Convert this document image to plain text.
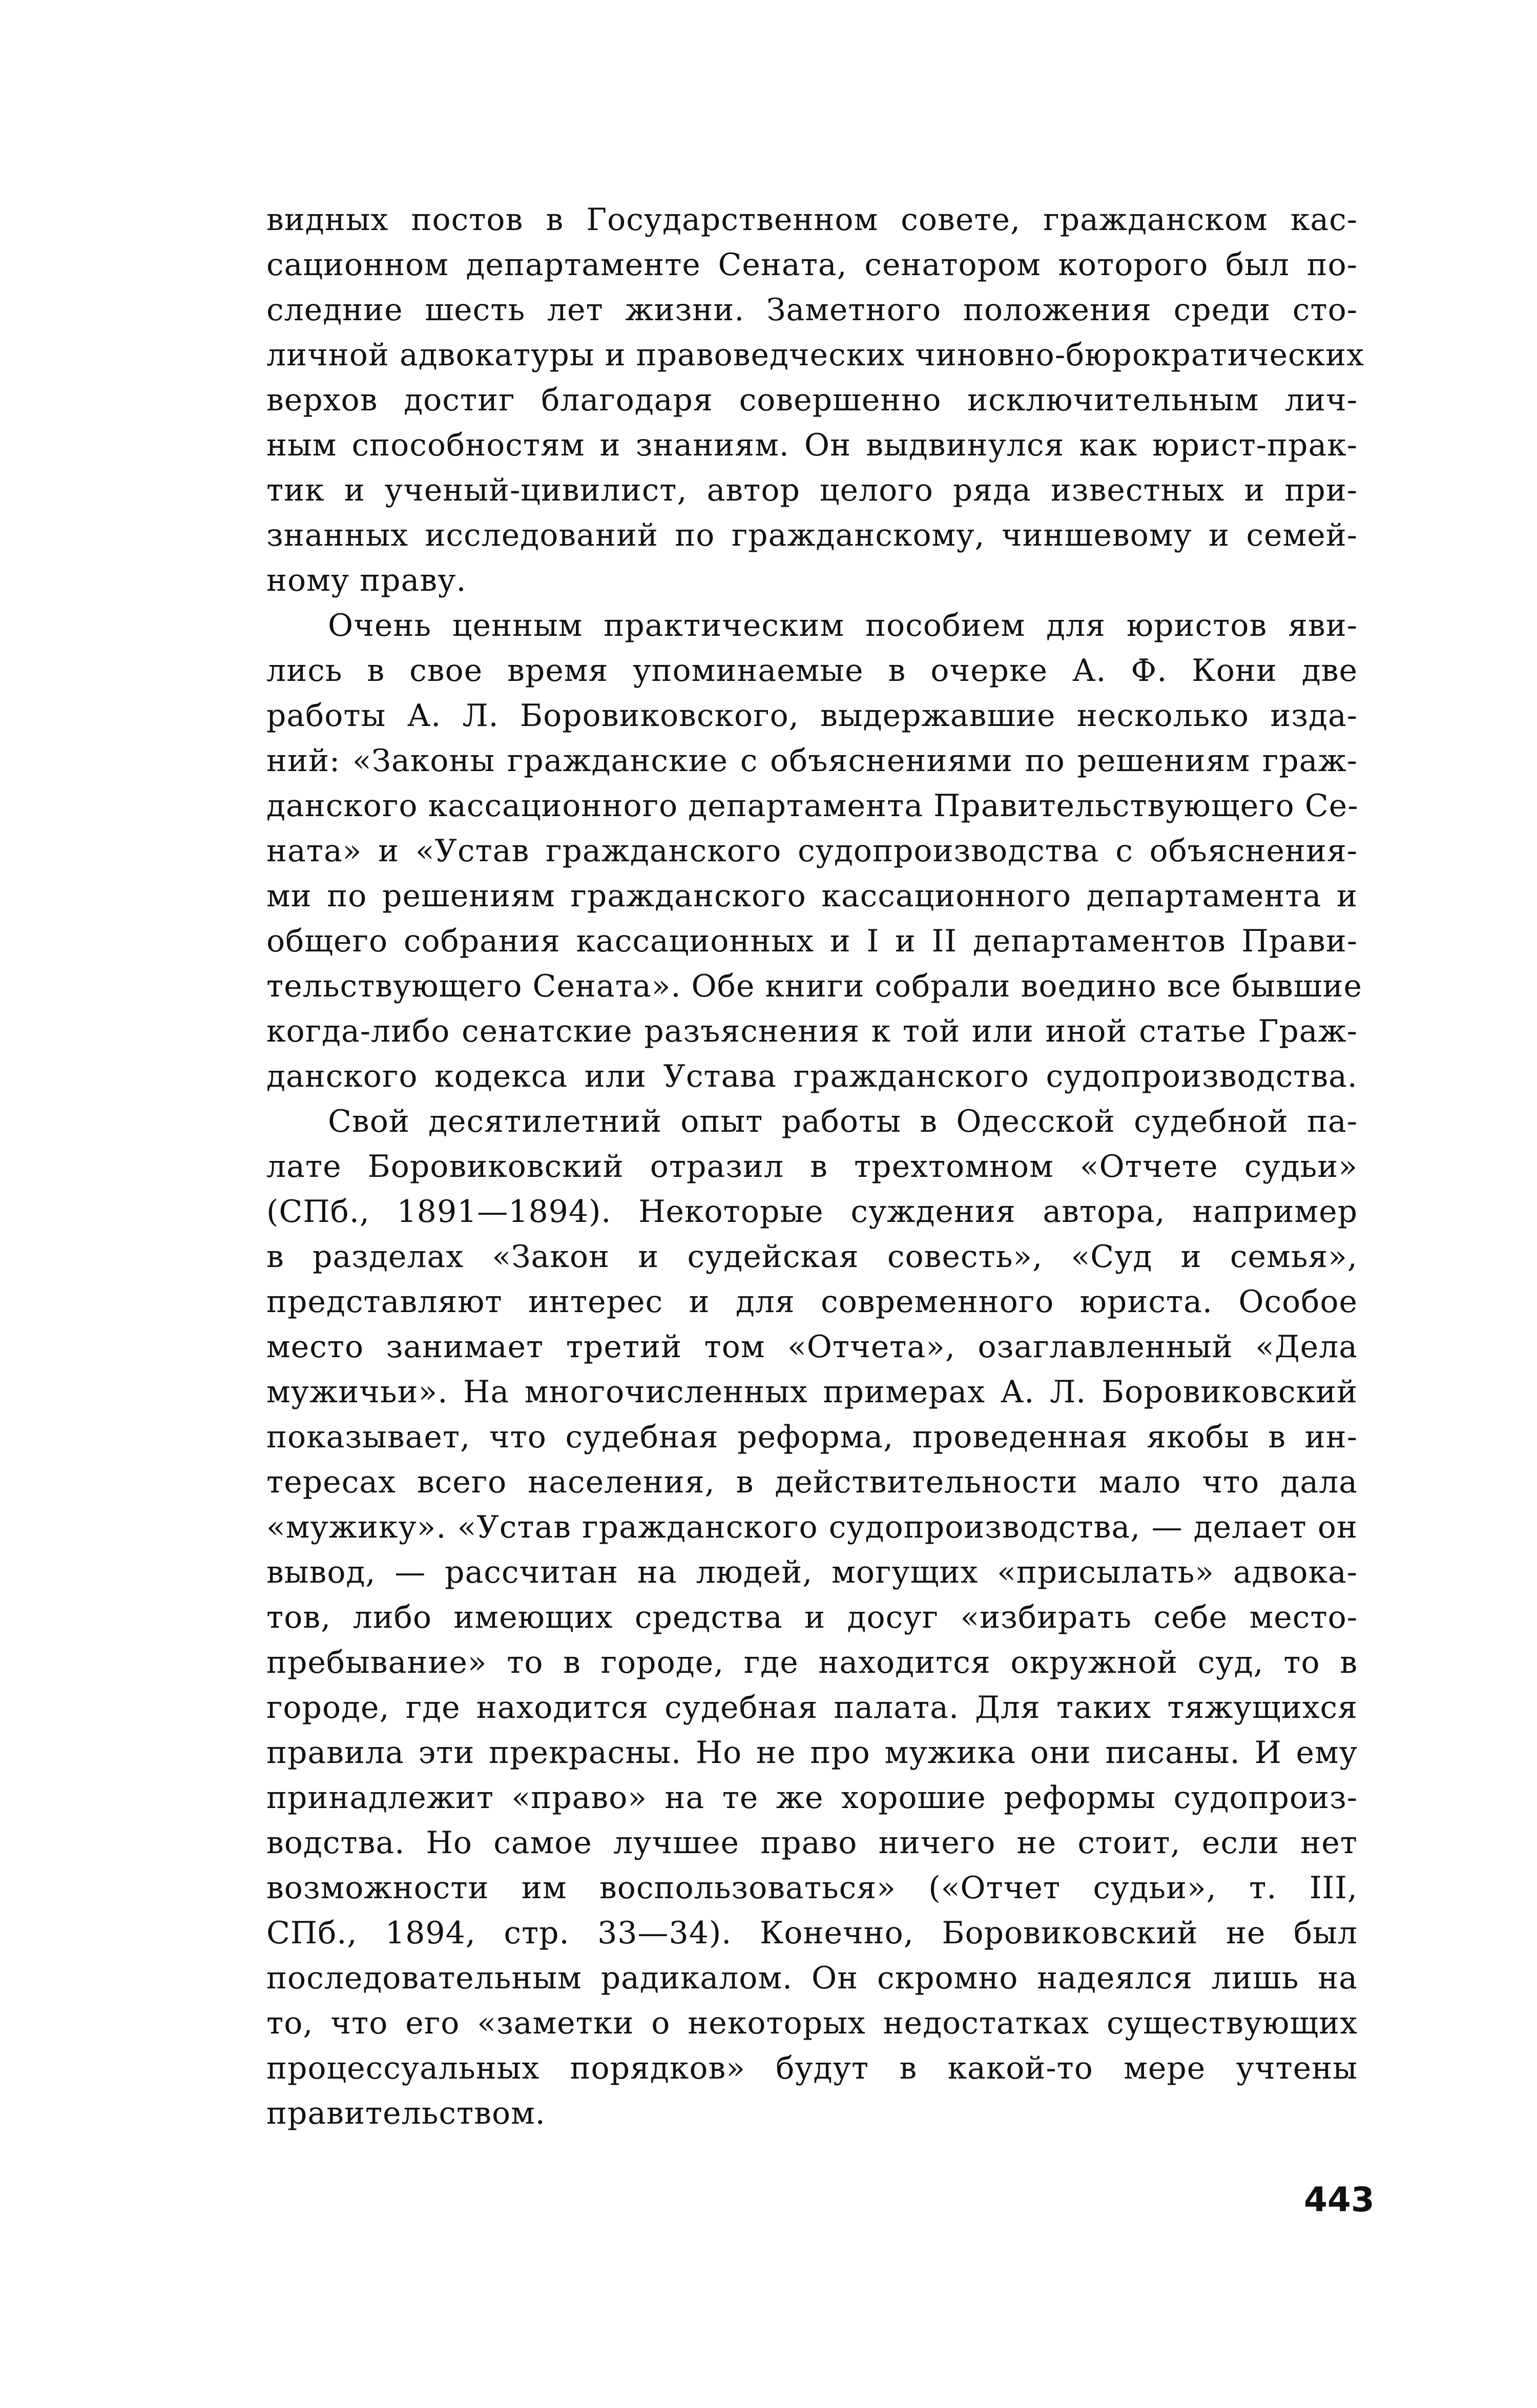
видных постов в Государственном совете, гражданском кас-
сационном департаменте Сената, сенатором которого был по-
следние шесть лет жизни. Заметного положения среди сто-
личной адвокатуры и правоведческих чиновно-бюрократических
верхов достиг благодаря совершенно исключительным лич-
ным способностям и знаниям. Он выдвинулся как юрист-прак-
тик и ученый-цивилист, автор целого ряда известных и при-
знанных исследований по гражданскому, чиншевому и семей-
ному праву.
Очень ценным практическим пособием для юристов яви-
лись в свое время упоминаемые в очерке А. Ф. Кони две
работы А. Л. Боровиковского, выдержавшие несколько изда-
ний: «Законы гражданские с объяснениями по решениям граж-
данского кассационного департамента Правительствующего Се-
ната» и «Устав гражданского судопроизводства с объяснения-
ми по решениям гражданского кассационного департамента и
общего собрания кассационных и I и II департаментов Прави-
тельствующего Сената». Обе книги собрали воедино все бывшие
когда-либо сенатские разъяснения к той или иной статье Граж-
данского кодекса или Устава гражданского судопроизводства.
Свой десятилетний опыт работы в Одесской судебной па-
лате Боровиковский отразил в трехтомном «Отчете судьи»
(СПб., 1891—1894). Некоторые суждения автора, например
в разделах «Закон и судейская совесть», «Суд и семья»,
представляют интерес и для современного юриста. Особое
место занимает третий том «Отчета», озаглавленный «Дела
мужичьи». На многочисленных примерах А. Л. Боровиковский
показывает, что судебная реформа, проведенная якобы в ин-
тересах всего населения, в действительности мало что дала
«мужику». «Устав гражданского судопроизводства, — делает он
вывод, — рассчитан на людей, могущих «присылать» адвока-
тов, либо имеющих средства и досуг «избирать себе место-
пребывание» то в городе, где находится окружной суд, то в
городе, где находится судебная палата. Для таких тяжущихся
правила эти прекрасны. Но не про мужика они писаны. И ему
принадлежит «право» на те же хорошие реформы судопроиз-
водства. Но самое лучшее право ничего не стоит, если нет
возможности им воспользоваться» («Отчет судьи», т. III,
СПб., 1894, стр. 33—34). Конечно, Боровиковский не был
последовательным радикалом. Он скромно надеялся лишь на
то, что его «заметки о некоторых недостатках существующих
процессуальных порядков» будут в какой-то мере учтены
правительством.
443
